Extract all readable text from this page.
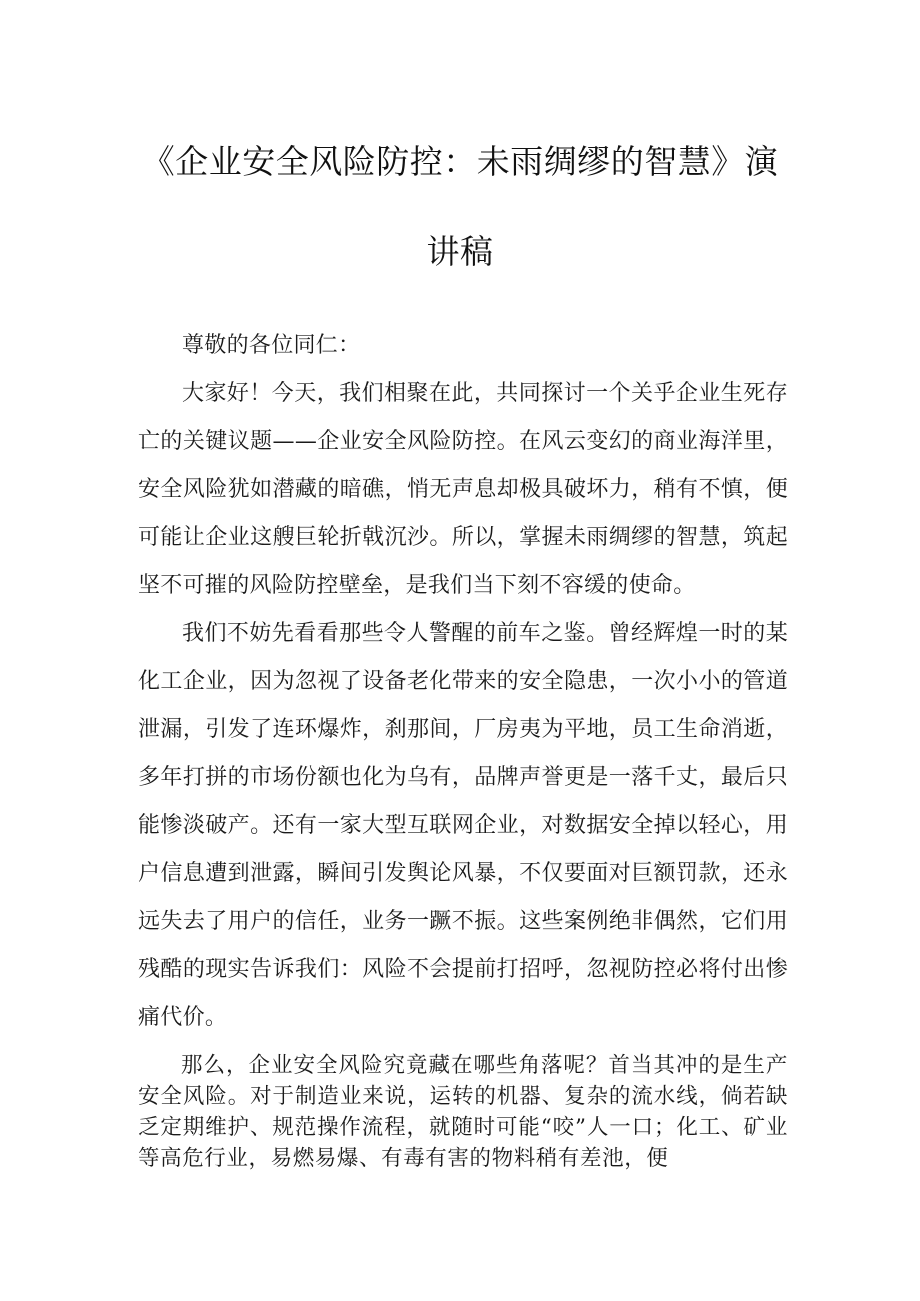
《企业安全风险防控：未雨绸缪的智慧》演
讲稿

尊敬的各位同仁：

大家好！今天，我们相聚在此，共同探讨一个关乎企业生死存亡的关键议题——企业安全风险防控。在风云变幻的商业海洋里，安全风险犹如潜藏的暗礁，悄无声息却极具破坏力，稍有不慎，便可能让企业这艘巨轮折戟沉沙。所以，掌握未雨绸缪的智慧，筑起坚不可摧的风险防控壁垒，是我们当下刻不容缓的使命。

我们不妨先看看那些令人警醒的前车之鉴。曾经辉煌一时的某化工企业，因为忽视了设备老化带来的安全隐患，一次小小的管道泄漏，引发了连环爆炸，刹那间，厂房夷为平地，员工生命消逝，多年打拼的市场份额也化为乌有，品牌声誉更是一落千丈，最后只能惨淡破产。还有一家大型互联网企业，对数据安全掉以轻心，用户信息遭到泄露，瞬间引发舆论风暴，不仅要面对巨额罚款，还永远失去了用户的信任，业务一蹶不振。这些案例绝非偶然，它们用残酷的现实告诉我们：风险不会提前打招呼，忽视防控必将付出惨痛代价。

那么，企业安全风险究竟藏在哪些角落呢？首当其冲的是生产安全风险。对于制造业来说，运转的机器、复杂的流水线，倘若缺乏定期维护、规范操作流程，就随时可能“咬”人一口；化工、矿业等高危行业，易燃易爆、有毒有害的物料稍有差池，便
